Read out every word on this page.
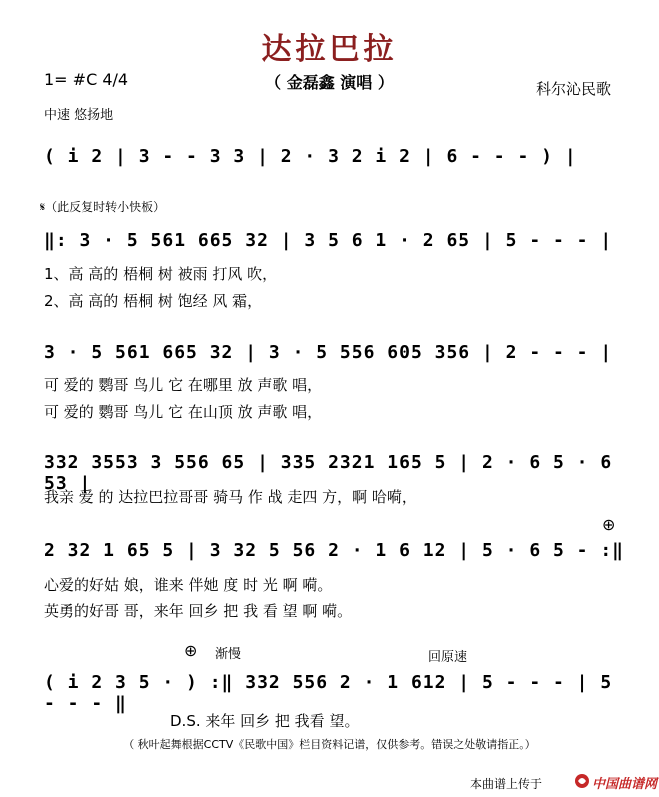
达拉巴拉
（ 金磊鑫 演唱 ）	科尔沁民歌
1= #C 4/4
中速 悠扬地
𝄋（此反复时转小快板）
( i 2 | 3 - - 3 3 | 2 · 3 2 i 2 | 6 - - - ) |
‖: 3 · 5 561 665 32 | 3 5 6 1 · 2 65 | 5 - - - |
1、高 高的 梧桐 树 被雨 打风 吹，
2、高 高的 梧桐 树 饱经 风 霜，
3 · 5 561 665 32 | 3 · 5 556 605 356 | 2 - - - |
可 爱的 鹦哥 鸟儿 它 在哪里 放 声歌 唱，
可 爱的 鹦哥 鸟儿 它 在山顶 放 声歌 唱，
332 3553 3 556 65 | 335 2321 165 5 | 2 · 6 5 · 6 53 |
我亲 爱 的 达拉巴拉哥哥 骑马 作 战 走四 方，啊 哈嗬，
⊕
2 32 1 65 5 | 3 32 5 56 2 · 1 6 12 | 5 · 6 5 - :‖
心爱的好姑 娘，谁来 伴她 度 时 光 啊 嗬。
英勇的好哥 哥，来年 回乡 把 我 看 望 啊 嗬。
⊕ 渐慢	回原速
( i 2 3 5 · ) :‖ 332 556 2 · 1 612 | 5 - - - | 5 - - - ‖
D.S. 来年 回乡 把 我看 望。
（ 秋叶起舞根据CCTV《民歌中国》栏目资料记谱，仅供参考。错误之处敬请指正。）
本曲谱上传于	中国曲谱网
